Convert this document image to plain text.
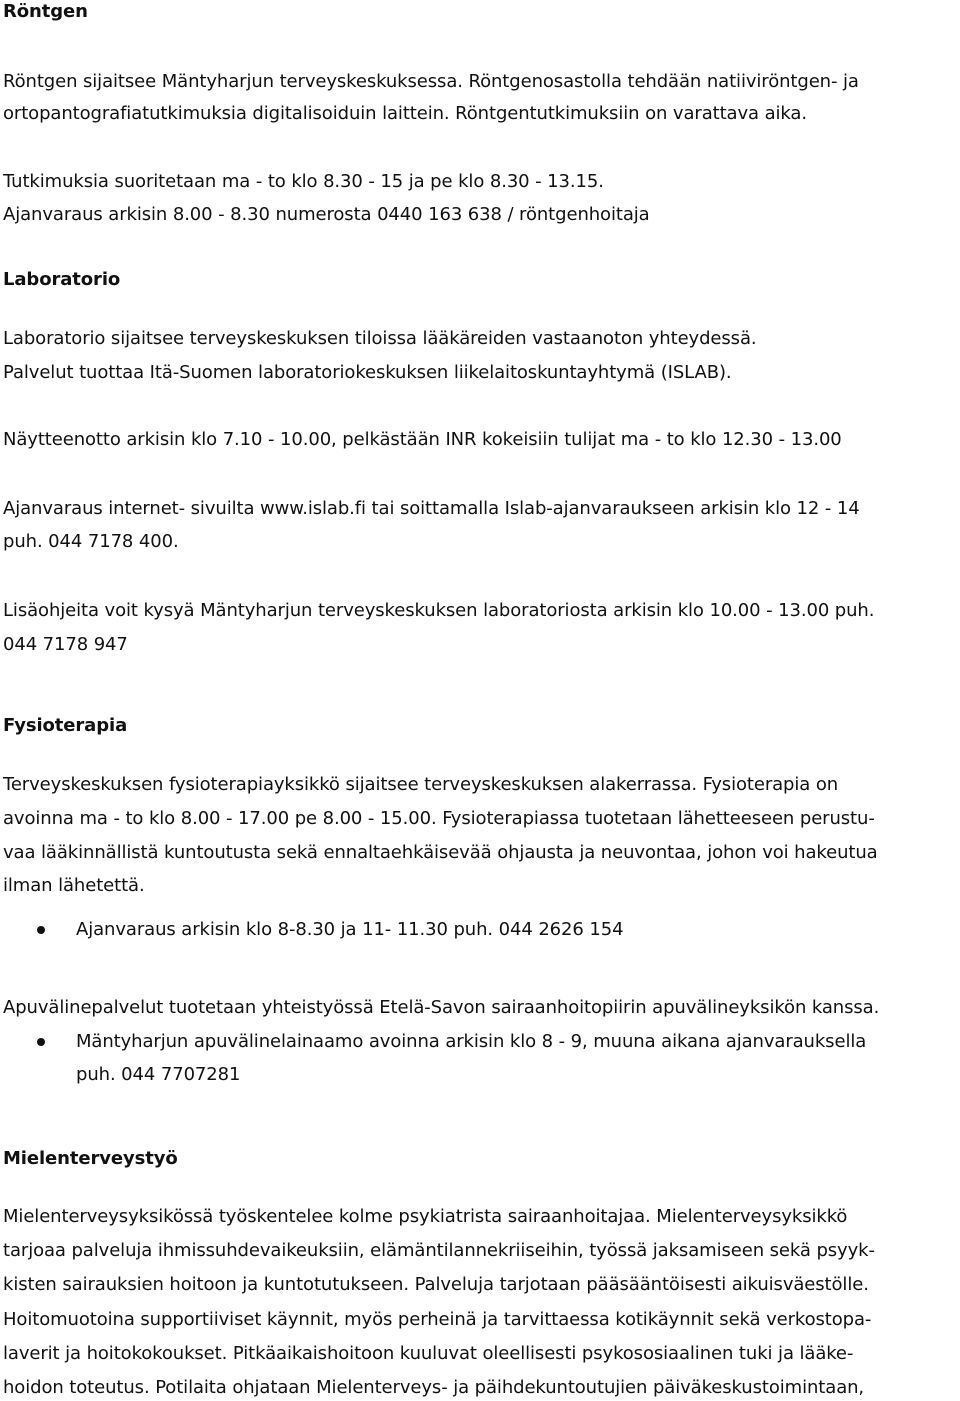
Röntgen
Röntgen sijaitsee Mäntyharjun terveyskeskuksessa. Röntgenosastolla tehdään natiiviröntgen- ja
ortopantografiatutkimuksia digitalisoiduin laittein. Röntgentutkimuksiin on varattava aika.
Tutkimuksia suoritetaan ma - to klo 8.30 - 15 ja pe klo 8.30 - 13.15.
Ajanvaraus arkisin 8.00 - 8.30 numerosta 0440 163 638 / röntgenhoitaja
Laboratorio
Laboratorio sijaitsee terveyskeskuksen tiloissa lääkäreiden vastaanoton yhteydessä.
Palvelut tuottaa Itä-Suomen laboratoriokeskuksen liikelaitoskuntayhtymä (ISLAB).
Näytteenotto arkisin klo 7.10 - 10.00, pelkästään INR kokeisiin tulijat ma - to klo 12.30 - 13.00
Ajanvaraus internet- sivuilta www.islab.fi tai soittamalla Islab-ajanvaraukseen arkisin klo 12 - 14
puh. 044 7178 400.
Lisäohjeita voit kysyä Mäntyharjun terveyskeskuksen laboratoriosta arkisin klo 10.00 - 13.00 puh.
044 7178 947
Fysioterapia
Terveyskeskuksen fysioterapiayksikkö sijaitsee terveyskeskuksen alakerrassa. Fysioterapia on
avoinna ma - to klo 8.00 - 17.00 pe 8.00 - 15.00. Fysioterapiassa tuotetaan lähetteeseen perustu-
vaa lääkinnällistä kuntoutusta sekä ennaltaehkäisevää ohjausta ja neuvontaa, johon voi hakeutua
ilman lähetettä.
Ajanvaraus arkisin klo 8-8.30 ja 11- 11.30 puh. 044 2626 154
Apuvälinepalvelut tuotetaan yhteistyössä Etelä-Savon sairaanhoitopiirin apuvälineyksikön kanssa.
Mäntyharjun apuvälinelainaamo avoinna arkisin klo 8 - 9, muuna aikana ajanvarauksella
puh. 044 7707281
Mielenterveystyö
Mielenterveysyksikössä työskentelee kolme psykiatrista sairaanhoitajaa. Mielenterveysyksikkö
tarjoaa palveluja ihmissuhdevaikeuksiin, elämäntilannekriiseihin, työssä jaksamiseen sekä psyyk-
kisten sairauksien hoitoon ja kuntotutukseen. Palveluja tarjotaan pääsääntöisesti aikuisväestölle.
Hoitomuotoina supportiiviset käynnit, myös perheinä ja tarvittaessa kotikäynnit sekä verkostopa-
laverit ja hoitokokoukset. Pitkäaikaishoitoon kuuluvat oleellisesti psykososiaalinen tuki ja lääke-
hoidon toteutus. Potilaita ohjataan Mielenterveys- ja päihdekuntoutujien päiväkeskustoimintaan,
